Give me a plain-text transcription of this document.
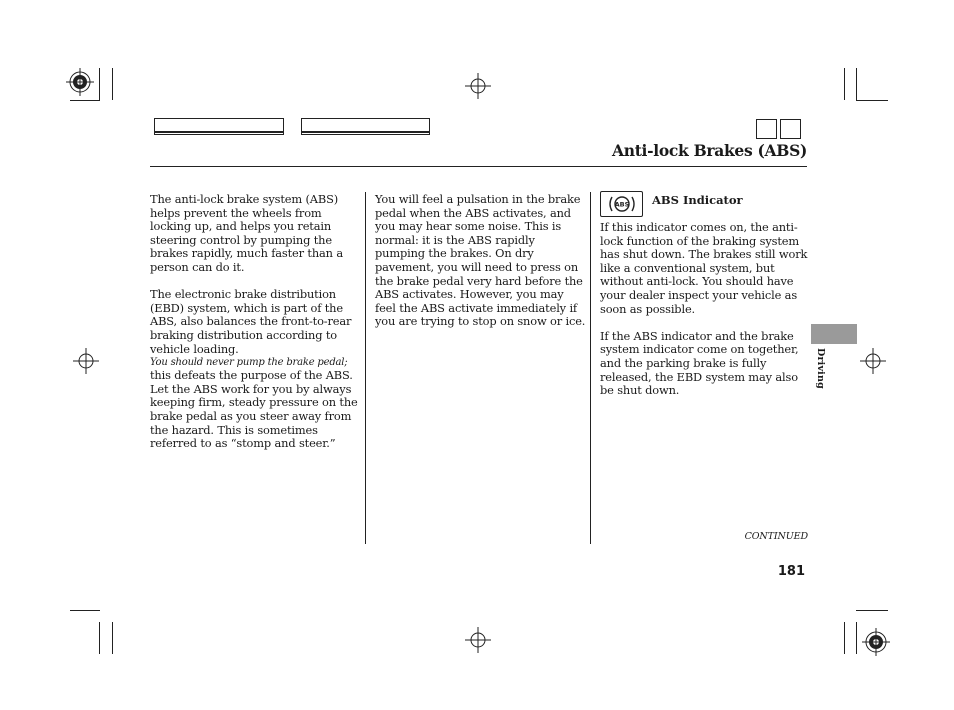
Anti-lock Brakes (ABS)

The anti-lock brake system (ABS)
helps prevent the wheels from
locking up, and helps you retain
steering control by pumping the
brakes rapidly, much faster than a
person can do it.

The electronic brake distribution
(EBD) system, which is part of the
ABS, also balances the front-to-rear
braking distribution according to
vehicle loading.

You should never pump the brake pedal;

this defeats the purpose of the ABS.
Let the ABS work for you by always
keeping firm, steady pressure on the
brake pedal as you steer away from
the hazard. This is sometimes
referred to as “stomp and steer.”

You will feel a pulsation in the brake
pedal when the ABS activates, and
you may hear some noise. This is
normal: it is the ABS rapidly
pumping the brakes. On dry
pavement, you will need to press on
the brake pedal very hard before the
ABS activates. However, you may
feel the ABS activate immediately if
you are trying to stop on snow or ice.

ABS ABS Indicator

If this indicator comes on, the anti-
lock function of the braking system
has shut down. The brakes still work
like a conventional system, but
without anti-lock. You should have
your dealer inspect your vehicle as
soon as possible.

If the ABS indicator and the brake
system indicator come on together,
and the parking brake is fully
released, the EBD system may also
be shut down.

Driving
CONTINUED
181
